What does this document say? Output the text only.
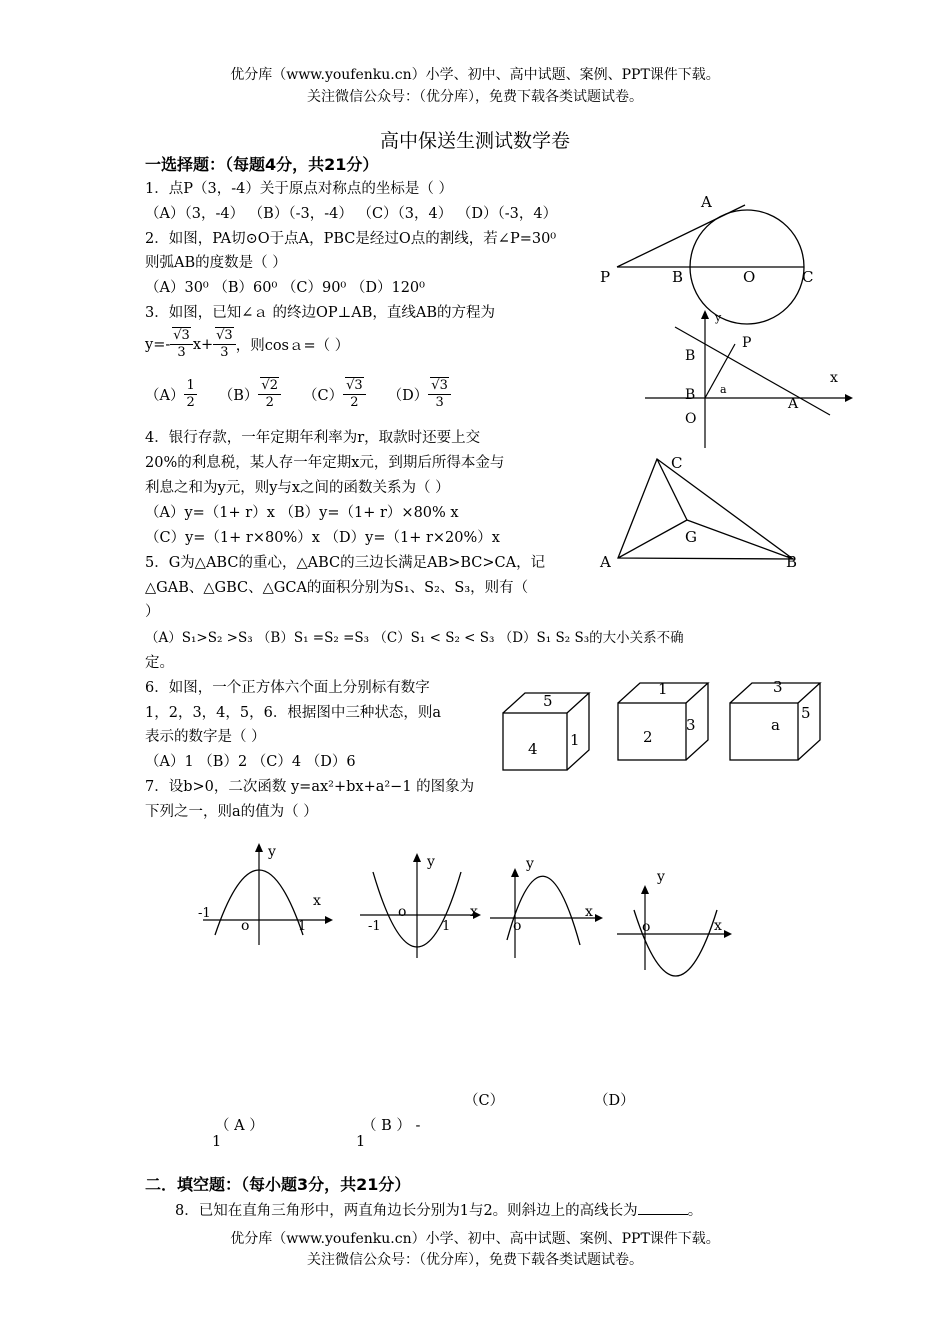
优分库（www.youfenku.cn）小学、初中、高中试题、案例、PPT课件下载。
关注微信公众号：（优分库），免费下载各类试题试卷。
高中保送生测试数学卷
一选择题：（每题4分，共21分）
1．点P（3，-4）关于原点对称点的坐标是（ ）
（A）（3，-4） （B）（-3，-4） （C）（3，4） （D）（-3，4）
2．如图，PA切⊙O于点A，PBC是经过O点的割线，若∠P=30⁰
则弧AB的度数是（ ）
（A）30⁰ （B）60⁰ （C）90⁰ （D）120⁰
3．如图，已知∠ａ 的终边OP⊥AB，直线AB的方程为
$y=- \frac{√3}{3} x+ \frac{√3}{3}$ ，则cosａ=（ ）
$(A) \frac{1}{2} (B) \frac{√2}{2} (C) \frac{√3}{2} (D) \frac{√3}{3}$
4．银行存款，一年定期年利率为r，取款时还要上交
20%的利息税，某人存一年定期x元，到期后所得本金与
利息之和为y元，则y与x之间的函数关系为（ ）
（A）y=（1+ r）x （B）y=（1+ r）×80% x
（C）y=（1+ r×80%）x （D）y=（1+ r×20%）x
5．G为△ABC的重心，△ABC的三边长满足AB>BC>CA，记
△GAB、△GBC、△GCA的面积分别为S₁、S₂、S₃，则有（
）
（A）S₁>S₂ >S₃ （B）S₁ =S₂ =S₃ （C）S₁ < S₂ < S₃ （D）S₁ S₂ S₃的大小关系不确
定。
6．如图，一个正方体六个面上分别标有数字
1，2，3，4，5，6．根据图中三种状态，则a
表示的数字是（ ）
（A）1 （B）2 （C）4 （D）6
7．设b>0，二次函数 y=ax²+bx+a²−1 的图象为
下列之一，则a的值为（ ）
（C）	（D）
（ A ）	（ B ） -
1	1
二．填空题：（每小题3分，共21分）
8．已知在直角三角形中，两直角边长分别为1与2。则斜边上的高线长为	。
优分库（www.youfenku.cn）小学、初中、高中试题、案例、PPT课件下载。
关注微信公众号：（优分库），免费下载各类试题试卷。
A
P	B	O	C
y
B
P
x
B a
A
O
C
G
A	B
5
4 1
1
2
3
3
a
5
y
x
-1
o	1
y
x
-1
o
1
y
x
o
y
x
o
